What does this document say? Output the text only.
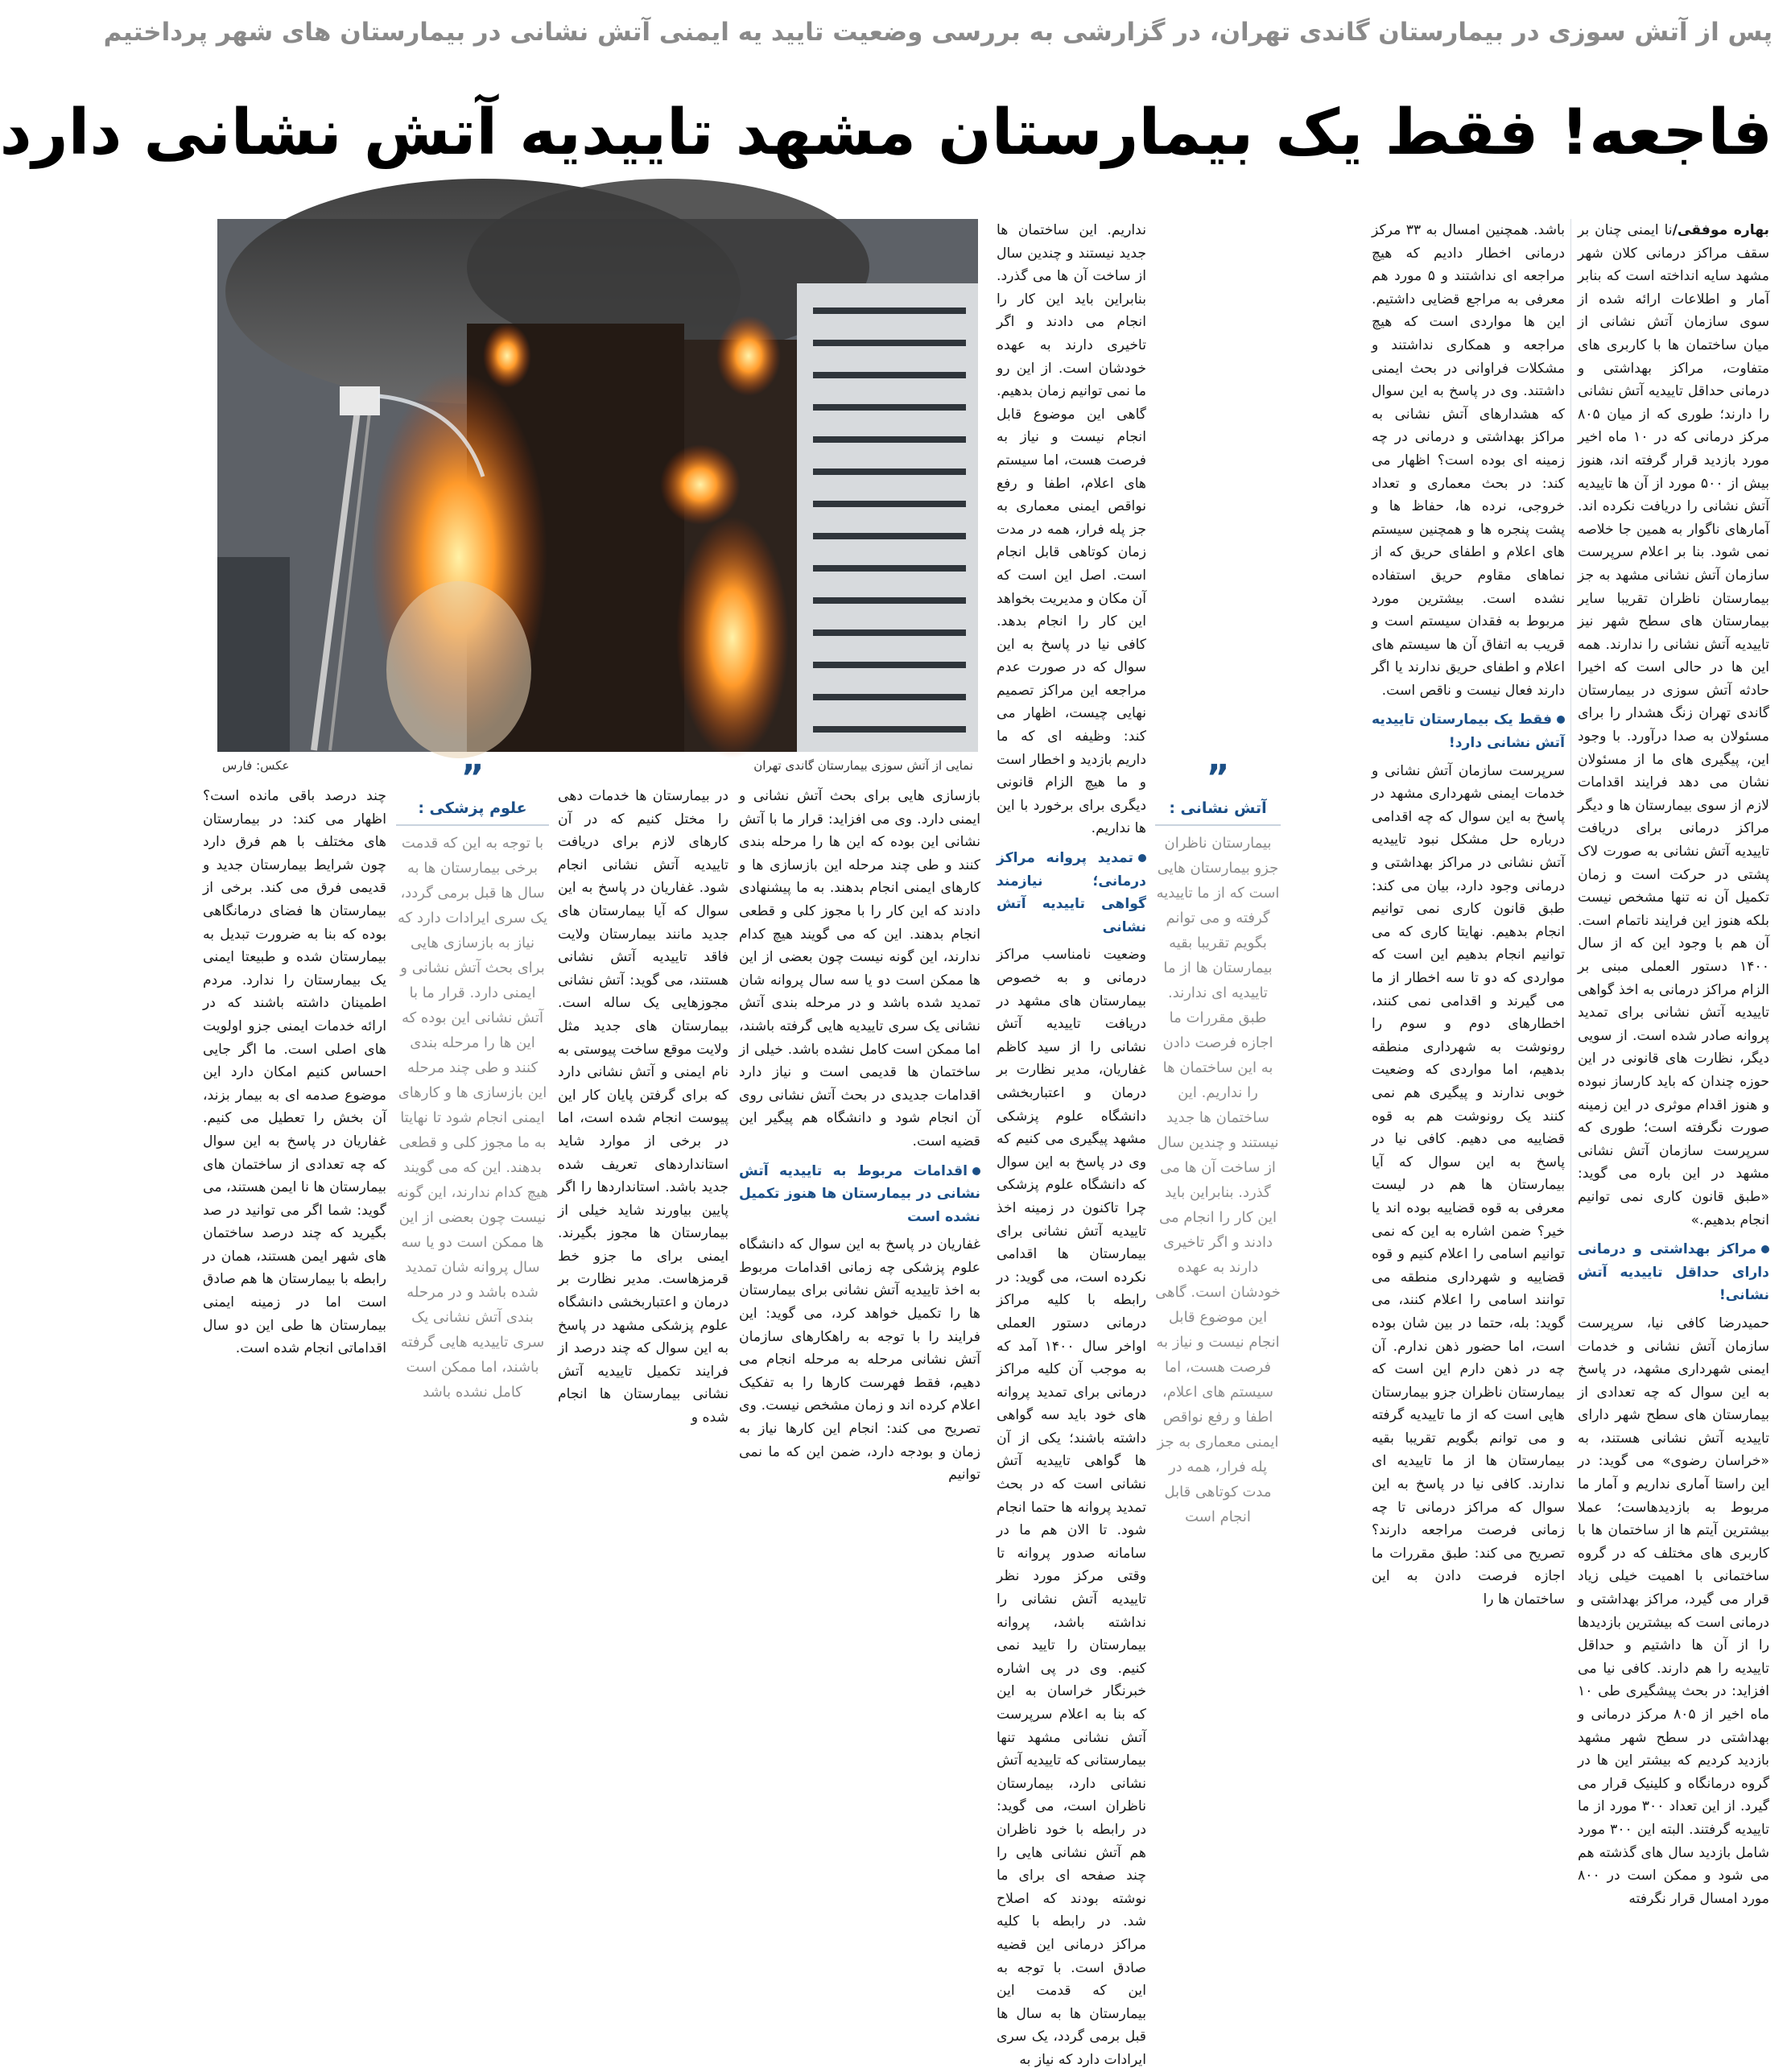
پس از آتش سوزی در بیمارستان گاندی تهران، در گزارشی به بررسی وضعیت تایید یه ایمنی آتش نشانی در بیمارستان های شهر پرداختیم
فاجعه! فقط یک بیمارستان مشهد تاییدیه آتش نشانی دارد
عکس: فارس	نمایی از آتش سوزی بیمارستان گاندی تهران

بهاره موفقی/نا ایمنی چنان بر سقف مراکز درمانی کلان شهر مشهد سایه انداخته است که بنابر آمار و اطلاعات ارائه شده از سوی سازمان آتش نشانی از میان ساختمان ها با کاربری های متفاوت، مراکز بهداشتی و درمانی حداقل تاییدیه آتش نشانی را دارند؛ طوری که از میان ۸۰۵ مرکز درمانی که در ۱۰ ماه اخیر مورد بازدید قرار گرفته اند، هنوز بیش از ۵۰۰ مورد از آن ها تاییدیه آتش نشانی را دریافت نکرده اند. آمارهای ناگوار به همین جا خلاصه نمی شود. بنا بر اعلام سرپرست سازمان آتش نشانی مشهد به جز بیمارستان ناظران تقریبا سایر بیمارستان های سطح شهر نیز تاییدیه آتش نشانی را ندارند. همه این ها در حالی است که اخیرا حادثه آتش سوزی در بیمارستان گاندی تهران زنگ هشدار را برای مسئولان به صدا درآورد. با وجود این، پیگیری های ما از مسئولان نشان می دهد فرایند اقدامات لازم از سوی بیمارستان ها و دیگر مراکز درمانی برای دریافت تاییدیه آتش نشانی به صورت لاک پشتی در حرکت است و زمان تکمیل آن نه تنها مشخص نیست بلکه هنوز این فرایند ناتمام است. آن هم با وجود این که از سال ۱۴۰۰ دستور العملی مبنی بر الزام مراکز درمانی به اخذ گواهی تاییدیه آتش نشانی برای تمدید پروانه صادر شده است. از سویی دیگر، نظارت های قانونی در این حوزه چندان که باید کارساز نبوده و هنوز اقدام موثری در این زمینه صورت نگرفته است؛ طوری که سرپرست سازمان آتش نشانی مشهد در این باره می گوید: «طبق قانون کاری نمی توانیم انجام بدهیم.»

مراکز بهداشتی و درمانی دارای حداقل تاییدیه آتش نشانی!

حمیدرضا کافی نیا، سرپرست سازمان آتش نشانی و خدمات ایمنی شهرداری مشهد، در پاسخ به این سوال که چه تعدادی از بیمارستان های سطح شهر دارای تاییدیه آتش نشانی هستند، به «خراسان رضوی» می گوید: در این راستا آماری نداریم و آمار ما مربوط به بازدیدهاست؛ عملا بیشترین آیتم ها از ساختمان ها با کاربری های مختلف که در گروه ساختمانی با اهمیت خیلی زیاد قرار می گیرد، مراکز بهداشتی و درمانی است که بیشترین بازدیدها را از آن ها داشتیم و حداقل تاییدیه را هم دارند. کافی نیا می افزاید: در بحث پیشگیری طی ۱۰ ماه اخیر از ۸۰۵ مرکز درمانی و بهداشتی در سطح شهر مشهد بازدید کردیم که بیشتر این ها در گروه درمانگاه و کلینیک قرار می گیرد. از این تعداد ۳۰۰ مورد از ما تاییدیه گرفتند. البته این ۳۰۰ مورد شامل بازدید سال های گذشته هم می شود و ممکن است در ۸۰۰ مورد امسال قرار نگرفته

باشد. همچنین امسال به ۳۳ مرکز درمانی اخطار دادیم که هیچ مراجعه ای نداشتند و ۵ مورد هم معرفی به مراجع قضایی داشتیم. این ها مواردی است که هیچ مراجعه و همکاری نداشتند و مشکلات فراوانی در بحث ایمنی داشتند. وی در پاسخ به این سوال که هشدارهای آتش نشانی به مراکز بهداشتی و درمانی در چه زمینه ای بوده است؟ اظهار می کند: در بحث معماری و تعداد خروجی، نرده ها، حفاظ ها و پشت پنجره ها و همچنین سیستم های اعلام و اطفای حریق که از نماهای مقاوم حریق استفاده نشده است. بیشترین مورد مربوط به فقدان سیستم است و قریب به اتفاق آن ها سیستم های اعلام و اطفای حریق ندارند یا اگر دارند فعال نیست و ناقص است.

فقط یک بیمارستان تاییدیه آتش نشانی دارد!

سرپرست سازمان آتش نشانی و خدمات ایمنی شهرداری مشهد در پاسخ به این سوال که چه اقدامی درباره حل مشکل نبود تاییدیه آتش نشانی در مراکز بهداشتی و درمانی وجود دارد، بیان می کند: طبق قانون کاری نمی توانیم انجام بدهیم. نهایتا کاری که می توانیم انجام بدهیم این است که مواردی که دو تا سه اخطار از ما می گیرند و اقدامی نمی کنند، اخطارهای دوم و سوم را رونوشت به شهرداری منطقه بدهیم، اما مواردی که وضعیت خوبی ندارند و پیگیری هم نمی کنند یک رونوشت هم به قوه قضاییه می دهیم. کافی نیا در پاسخ به این سوال که آیا بیمارستان ها هم در لیست معرفی به قوه قضاییه بوده اند یا خیر؟ ضمن اشاره به این که نمی توانیم اسامی را اعلام کنیم و قوه قضاییه و شهرداری منطقه می توانند اسامی را اعلام کنند، می گوید: بله، حتما در بین شان بوده است، اما حضور ذهن ندارم. آن چه در ذهن دارم این است که بیمارستان ناظران جزو بیمارستان هایی است که از ما تاییدیه گرفته و می توانم بگویم تقریبا بقیه بیمارستان ها از ما تاییدیه ای ندارند. کافی نیا در پاسخ به این سوال که مراکز درمانی تا چه زمانی فرصت مراجعه دارند؟ تصریح می کند: طبق مقررات ما اجازه فرصت دادن به این ساختمان ها را

”
آتش نشانی :
بیمارستان ناظران جزو بیمارستان هایی است که از ما تاییدیه گرفته و می توانم بگویم تقریبا بقیه بیمارستان ها از ما تاییدیه ای ندارند. طبق مقررات ما اجازه فرصت دادن به این ساختمان ها را نداریم. این ساختمان ها جدید نیستند و چندین سال از ساخت آن ها می گذرد. بنابراین باید این کار را انجام می دادند و اگر تاخیری دارند به عهده خودشان است. گاهی این موضوع قابل انجام نیست و نیاز به فرصت هست، اما سیستم های اعلام، اطفا و رفع نواقص ایمنی معماری به جز پله فرار، همه در مدت کوتاهی قابل انجام است

نداریم. این ساختمان ها جدید نیستند و چندین سال از ساخت آن ها می گذرد. بنابراین باید این کار را انجام می دادند و اگر تاخیری دارند به عهده خودشان است. از این رو ما نمی توانیم زمان بدهیم. گاهی این موضوع قابل انجام نیست و نیاز به فرصت هست، اما سیستم های اعلام، اطفا و رفع نواقص ایمنی معماری به جز پله فرار، همه در مدت زمان کوتاهی قابل انجام است. اصل این است که آن مکان و مدیریت بخواهد این کار را انجام بدهد. کافی نیا در پاسخ به این سوال که در صورت عدم مراجعه این مراکز تصمیم نهایی چیست، اظهار می کند: وظیفه ای که ما داریم بازدید و اخطار است و ما هیچ الزام قانونی دیگری برای برخورد با این ها نداریم.

تمدید پروانه مراکز درمانی؛ نیازمند گواهی تاییدیه آتش نشانی

وضعیت نامناسب مراکز درمانی و به خصوص بیمارستان های مشهد در دریافت تاییدیه آتش نشانی را از سید کاظم غفاریان، مدیر نظارت بر درمان و اعتباربخشی دانشگاه علوم پزشکی مشهد پیگیری می کنیم که وی در پاسخ به این سوال که دانشگاه علوم پزشکی چرا تاکنون در زمینه اخذ تاییدیه آتش نشانی برای بیمارستان ها اقدامی نکرده است، می گوید: در رابطه با کلیه مراکز درمانی دستور العملی اواخر سال ۱۴۰۰ آمد که به موجب آن کلیه مراکز درمانی برای تمدید پروانه های خود باید سه گواهی داشته باشند؛ یکی از آن ها گواهی تاییدیه آتش نشانی است که در بحث تمدید پروانه ها حتما انجام شود. تا الان هم ما در سامانه صدور پروانه تا وقتی مرکز مورد نظر تاییدیه آتش نشانی را نداشته باشد، پروانه بیمارستان را تایید نمی کنیم. وی در پی اشاره خبرنگار خراسان به این که بنا به اعلام سرپرست آتش نشانی مشهد تنها بیمارستانی که تاییدیه آتش نشانی دارد، بیمارستان ناظران است، می گوید: در رابطه با خود ناظران هم آتش نشانی هایی را چند صفحه ای برای ما نوشته بودند که اصلاح شد. در رابطه با کلیه مراکز درمانی این قضیه صادق است. با توجه به این که قدمت این بیمارستان ها به سال ها قبل برمی گردد، یک سری ایرادات دارد که نیاز به

بازسازی هایی برای بحث آتش نشانی و ایمنی دارد. وی می افزاید: قرار ما با آتش نشانی این بوده که این ها را مرحله بندی کنند و طی چند مرحله این بازسازی ها و کارهای ایمنی انجام بدهند. به ما پیشنهادی دادند که این کار را با مجوز کلی و قطعی انجام بدهند. این که می گویند هیچ کدام ندارند، این گونه نیست چون بعضی از این ها ممکن است دو یا سه سال پروانه شان تمدید شده باشد و در مرحله بندی آتش نشانی یک سری تاییدیه هایی گرفته باشند، اما ممکن است کامل نشده باشد. خیلی از ساختمان ها قدیمی است و نیاز دارد اقدامات جدیدی در بحث آتش نشانی روی آن انجام شود و دانشگاه هم پیگیر این قضیه است.

اقدامات مربوط به تاییدیه آتش نشانی در بیمارستان ها هنوز تکمیل نشده است

غفاریان در پاسخ به این سوال که دانشگاه علوم پزشکی چه زمانی اقدامات مربوط به اخذ تاییدیه آتش نشانی برای بیمارستان ها را تکمیل خواهد کرد، می گوید: این فرایند را با توجه به راهکارهای سازمان آتش نشانی مرحله به مرحله انجام می دهیم، فقط فهرست کارها را به تفکیک اعلام کرده اند و زمان مشخص نیست. وی تصریح می کند: انجام این کارها نیاز به زمان و بودجه دارد، ضمن این که ما نمی توانیم

در بیمارستان ها خدمات دهی را مختل کنیم که در آن کارهای لازم برای دریافت تاییدیه آتش نشانی انجام شود. غفاریان در پاسخ به این سوال که آیا بیمارستان های جدید مانند بیمارستان ولایت فاقد تاییدیه آتش نشانی هستند، می گوید: آتش نشانی مجوزهایی یک ساله است. بیمارستان های جدید مثل ولایت موقع ساخت پیوستی به نام ایمنی و آتش نشانی دارد که برای گرفتن پایان کار این پیوست انجام شده است، اما در برخی از موارد شاید استانداردهای تعریف شده جدید باشد. استانداردها را اگر پایین بیاورند شاید خیلی از بیمارستان ها مجوز بگیرند. ایمنی برای ما جزو خط قرمزهاست. مدیر نظارت بر درمان و اعتباربخشی دانشگاه علوم پزشکی مشهد در پاسخ به این سوال که چند درصد از فرایند تکمیل تاییدیه آتش نشانی بیمارستان ها انجام شده و

”
علوم پزشکی :
با توجه به این که قدمت برخی بیمارستان ها به سال ها قبل برمی گردد، یک سری ایرادات دارد که نیاز به بازسازی هایی برای بحث آتش نشانی و ایمنی دارد. قرار ما با آتش نشانی این بوده که این ها را مرحله بندی کنند و طی چند مرحله این بازسازی ها و کارهای ایمنی انجام شود تا نهایتا به ما مجوز کلی و قطعی بدهند. این که می گویند هیچ کدام ندارند، این گونه نیست چون بعضی از این ها ممکن است دو یا سه سال پروانه شان تمدید شده باشد و در مرحله بندی آتش نشانی یک سری تاییدیه هایی گرفته باشند، اما ممکن است کامل نشده باشد

چند درصد باقی مانده است؟ اظهار می کند: در بیمارستان های مختلف با هم فرق دارد چون شرایط بیمارستان جدید و قدیمی فرق می کند. برخی از بیمارستان ها فضای درمانگاهی بوده که بنا به ضرورت تبدیل به بیمارستان شده و طبیعتا ایمنی یک بیمارستان را ندارد. مردم اطمینان داشته باشند که در ارائه خدمات ایمنی جزو اولویت های اصلی است. ما اگر جایی احساس کنیم امکان دارد این موضوع صدمه ای به بیمار بزند، آن بخش را تعطیل می کنیم. غفاریان در پاسخ به این سوال که چه تعدادی از ساختمان های بیمارستان ها نا ایمن هستند، می گوید: شما اگر می توانید در صد بگیرید که چند درصد ساختمان های شهر ایمن هستند، همان در رابطه با بیمارستان ها هم صادق است اما در زمینه ایمنی بیمارستان ها طی این دو سال اقداماتی انجام شده است.
